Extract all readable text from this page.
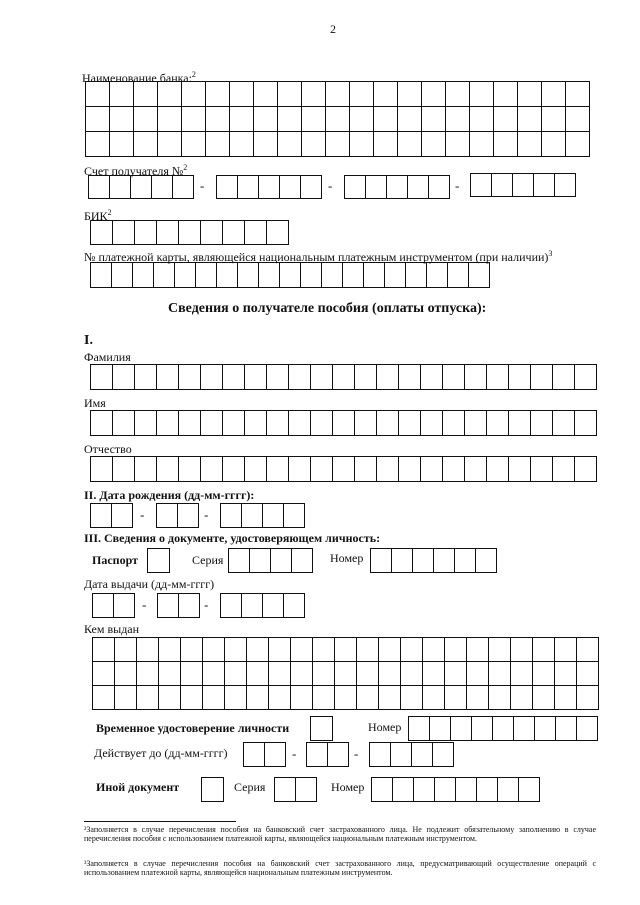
2
Наименование банка:$^2$
Счет получателя №$^2$
-	-	-
БИК$^2$
№ платежной карты, являющейся национальным платежным инструментом (при наличии)$^3$
Сведения о получателе пособия (оплаты отпуска):
I.
Фамилия
Имя
Отчество
II. Дата рождения (дд-мм-гггг):
-	-
III. Сведения о документе, удостоверяющем личность:
Паспорт	Серия	Номер
Дата выдачи (дд-мм-гггг)
-	-
Кем выдан
Временное удостоверение личности	Номер
Действует до (дд-мм-гггг)	-	-
Иной документ	Серия	Номер
²Заполняется в случае перечисления пособия на банковский счет застрахованного лица. Не подлежит обязательному заполнению в случае перечисления пособия с использованием платежной карты, являющейся национальным платежным инструментом.
³Заполняется в случае перечисления пособия на банковский счет застрахованного лица, предусматривающий осуществление операций с использованием платежной карты, являющейся национальным платежным инструментом.
